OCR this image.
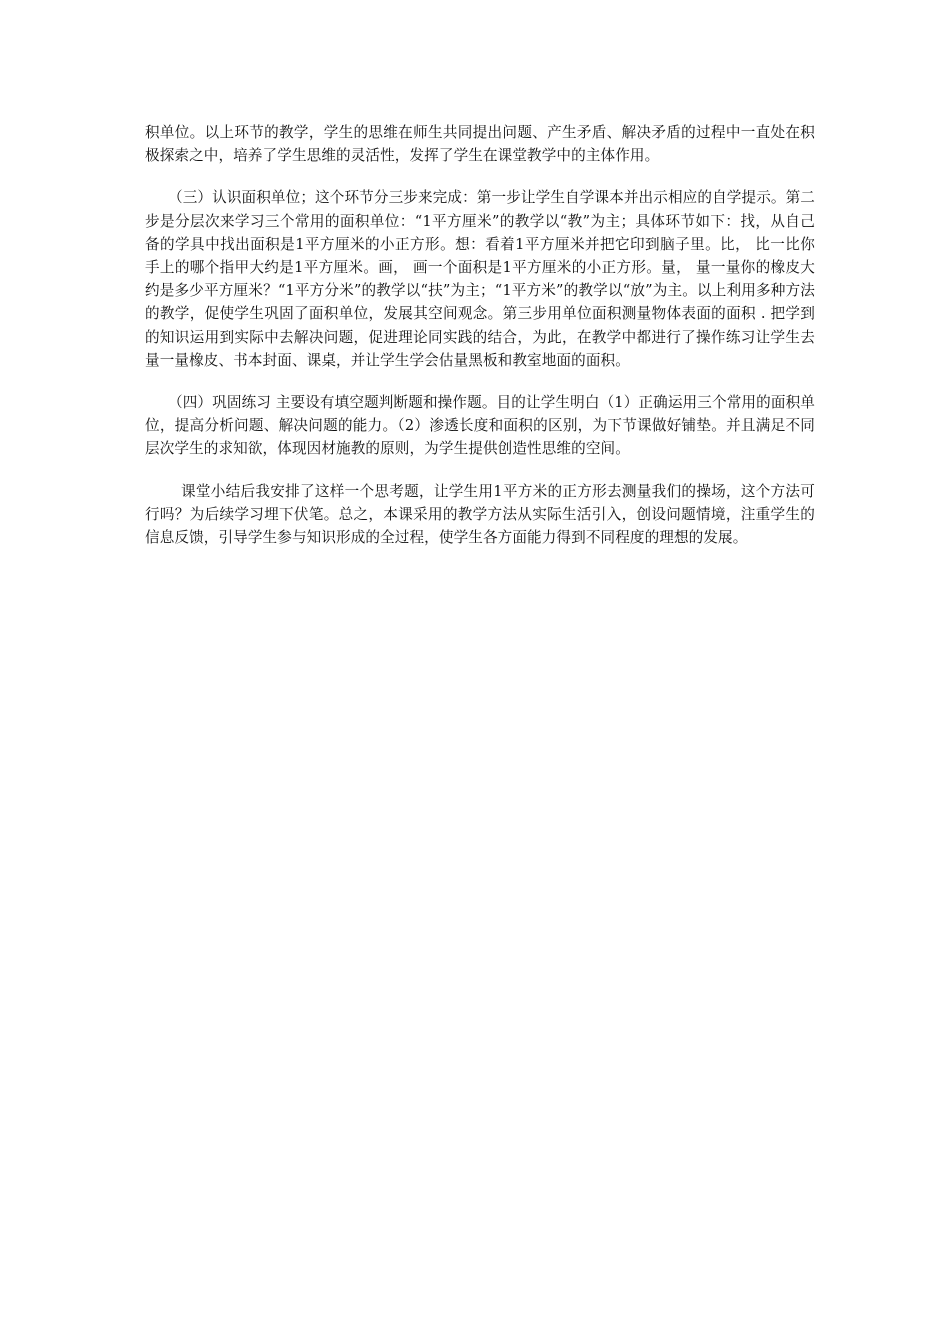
积单位。以上环节的教学，学生的思维在师生共同提出问题、产生矛盾、解决矛盾的过程中一直处在积极探索之中，培养了学生思维的灵活性，发挥了学生在课堂教学中的主体作用。

（三）认识面积单位；这个环节分三步来完成：第一步让学生自学课本并出示相应的自学提示。第二步是分层次来学习三个常用的面积单位：“1平方厘米”的教学以“教”为主；具体环节如下：找，从自己备的学具中找出面积是1平方厘米的小正方形。想：看着1平方厘米并把它印到脑子里。比， 比一比你手上的哪个指甲大约是1平方厘米。画， 画一个面积是1平方厘米的小正方形。量， 量一量你的橡皮大约是多少平方厘米？“1平方分米”的教学以“扶”为主；“1平方米”的教学以“放”为主。以上利用多种方法的教学，促使学生巩固了面积单位，发展其空间观念。第三步用单位面积测量物体表面的面积 . 把学到的知识运用到实际中去解决问题，促进理论同实践的结合，为此，在教学中都进行了操作练习让学生去量一量橡皮、书本封面、课桌，并让学生学会估量黑板和教室地面的面积。

（四）巩固练习 主要设有填空题判断题和操作题。目的让学生明白（1）正确运用三个常用的面积单位，提高分析问题、解决问题的能力。（2）渗透长度和面积的区别，为下节课做好铺垫。并且满足不同层次学生的求知欲，体现因材施教的原则，为学生提供创造性思维的空间。

课堂小结后我安排了这样一个思考题，让学生用1平方米的正方形去测量我们的操场，这个方法可行吗？为后续学习埋下伏笔。总之，本课采用的教学方法从实际生活引入，创设问题情境，注重学生的信息反馈，引导学生参与知识形成的全过程，使学生各方面能力得到不同程度的理想的发展。
